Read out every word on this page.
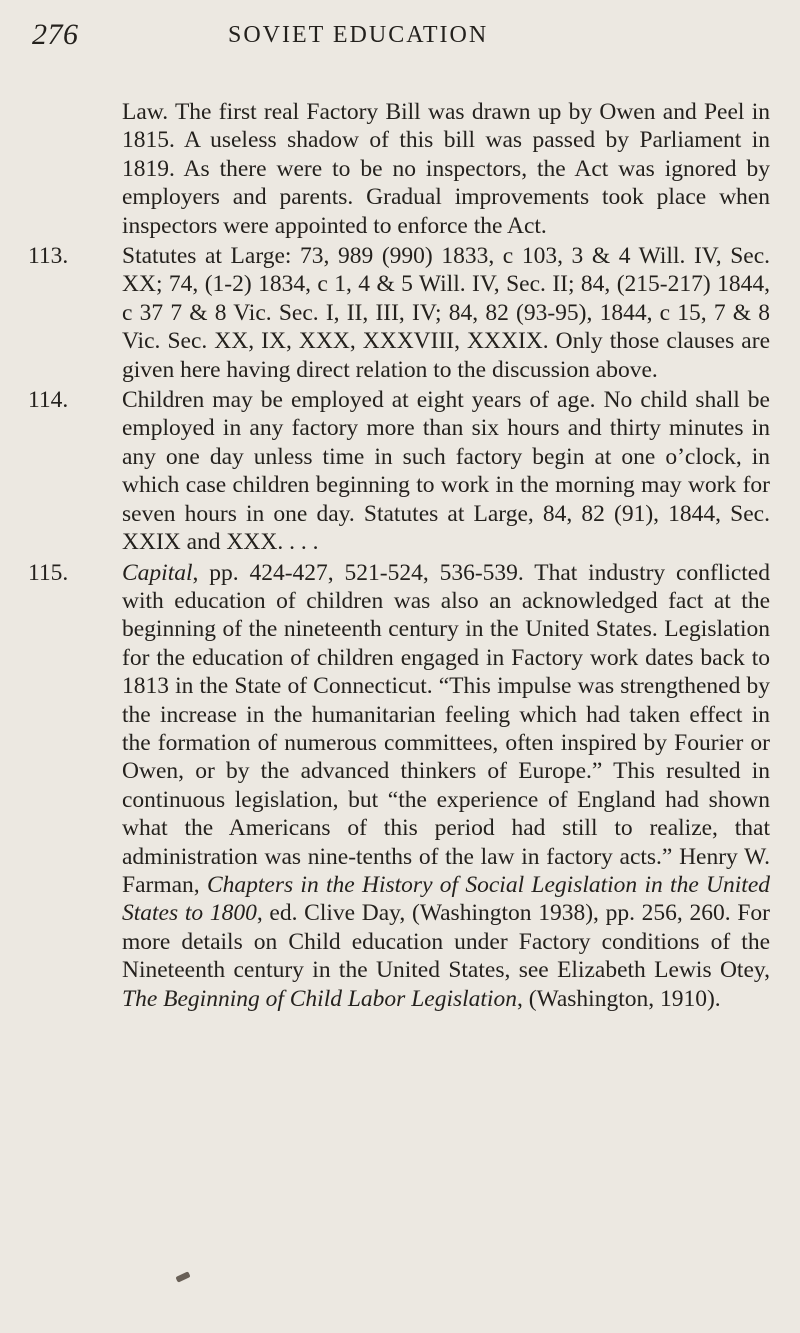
276	SOVIET EDUCATION

Law. The first real Factory Bill was drawn up by Owen and Peel in 1815. A useless shadow of this bill was passed by Parliament in 1819. As there were to be no inspectors, the Act was ignored by employers and parents. Gradual improvements took place when inspectors were appointed to enforce the Act.

113.	Statutes at Large: 73, 989 (990) 1833, c 103, 3 & 4 Will. IV, Sec. XX; 74, (1-2) 1834, c 1, 4 & 5 Will. IV, Sec. II; 84, (215-217) 1844, c 37 7 & 8 Vic. Sec. I, II, III, IV; 84, 82 (93-95), 1844, c 15, 7 & 8 Vic. Sec. XX, IX, XXX, XXXVIII, XXXIX. Only those clauses are given here having direct relation to the discussion above.

114.	Children may be employed at eight years of age. No child shall be employed in any factory more than six hours and thirty minutes in any one day unless time in such factory begin at one o’clock, in which case children beginning to work in the morning may work for seven hours in one day. Statutes at Large, 84, 82 (91), 1844, Sec. XXIX and XXX. . . .

115.	Capital, pp. 424-427, 521-524, 536-539. That industry conflicted with education of children was also an acknowledged fact at the beginning of the nineteenth century in the United States. Legislation for the education of children engaged in Factory work dates back to 1813 in the State of Connecticut. “This impulse was strengthened by the increase in the humanitarian feeling which had taken effect in the formation of numerous committees, often inspired by Fourier or Owen, or by the advanced thinkers of Europe.” This resulted in continuous legislation, but “the experience of England had shown what the Americans of this period had still to realize, that administration was nine-tenths of the law in factory acts.” Henry W. Farman, Chapters in the History of Social Legislation in the United States to 1800, ed. Clive Day, (Washington 1938), pp. 256, 260. For more details on Child education under Factory conditions of the Nineteenth century in the United States, see Elizabeth Lewis Otey, The Beginning of Child Labor Legislation, (Washington, 1910).
